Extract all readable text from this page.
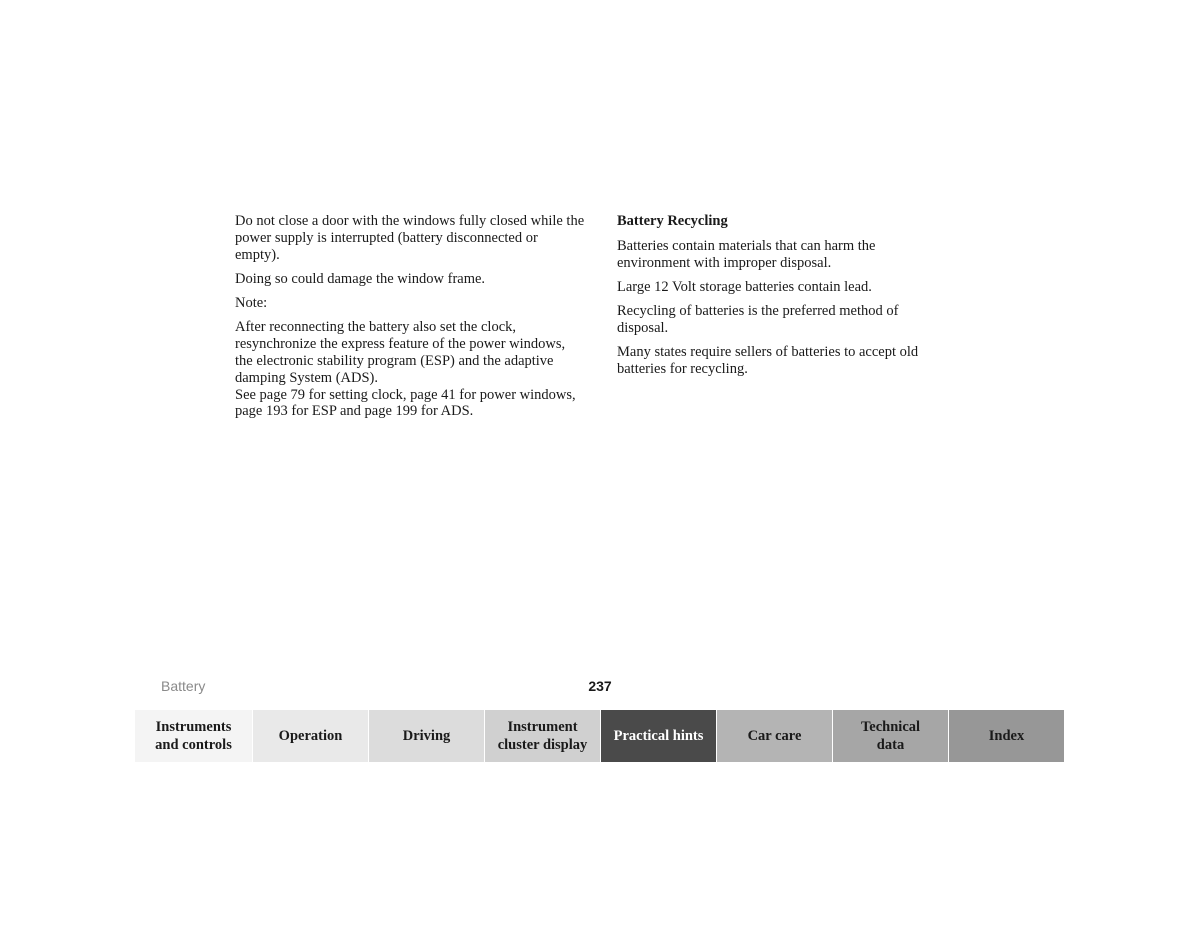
Do not close a door with the windows fully closed while the power supply is interrupted (battery disconnected or empty).

Doing so could damage the window frame.

Note:

After reconnecting the battery also set the clock, resynchronize the express feature of the power windows, the electronic stability program (ESP) and the adaptive damping System (ADS).

See page 79 for setting clock, page 41 for power windows, page 193 for ESP and page 199 for ADS.

Battery Recycling

Batteries contain materials that can harm the environment with improper disposal.

Large 12 Volt storage batteries contain lead.

Recycling of batteries is the preferred method of disposal.

Many states require sellers of batteries to accept old batteries for recycling.

Battery	237
Instruments
and controls
Operation	Driving
Instrument
cluster display
Practical hints	Car care
Technical
data
Index
